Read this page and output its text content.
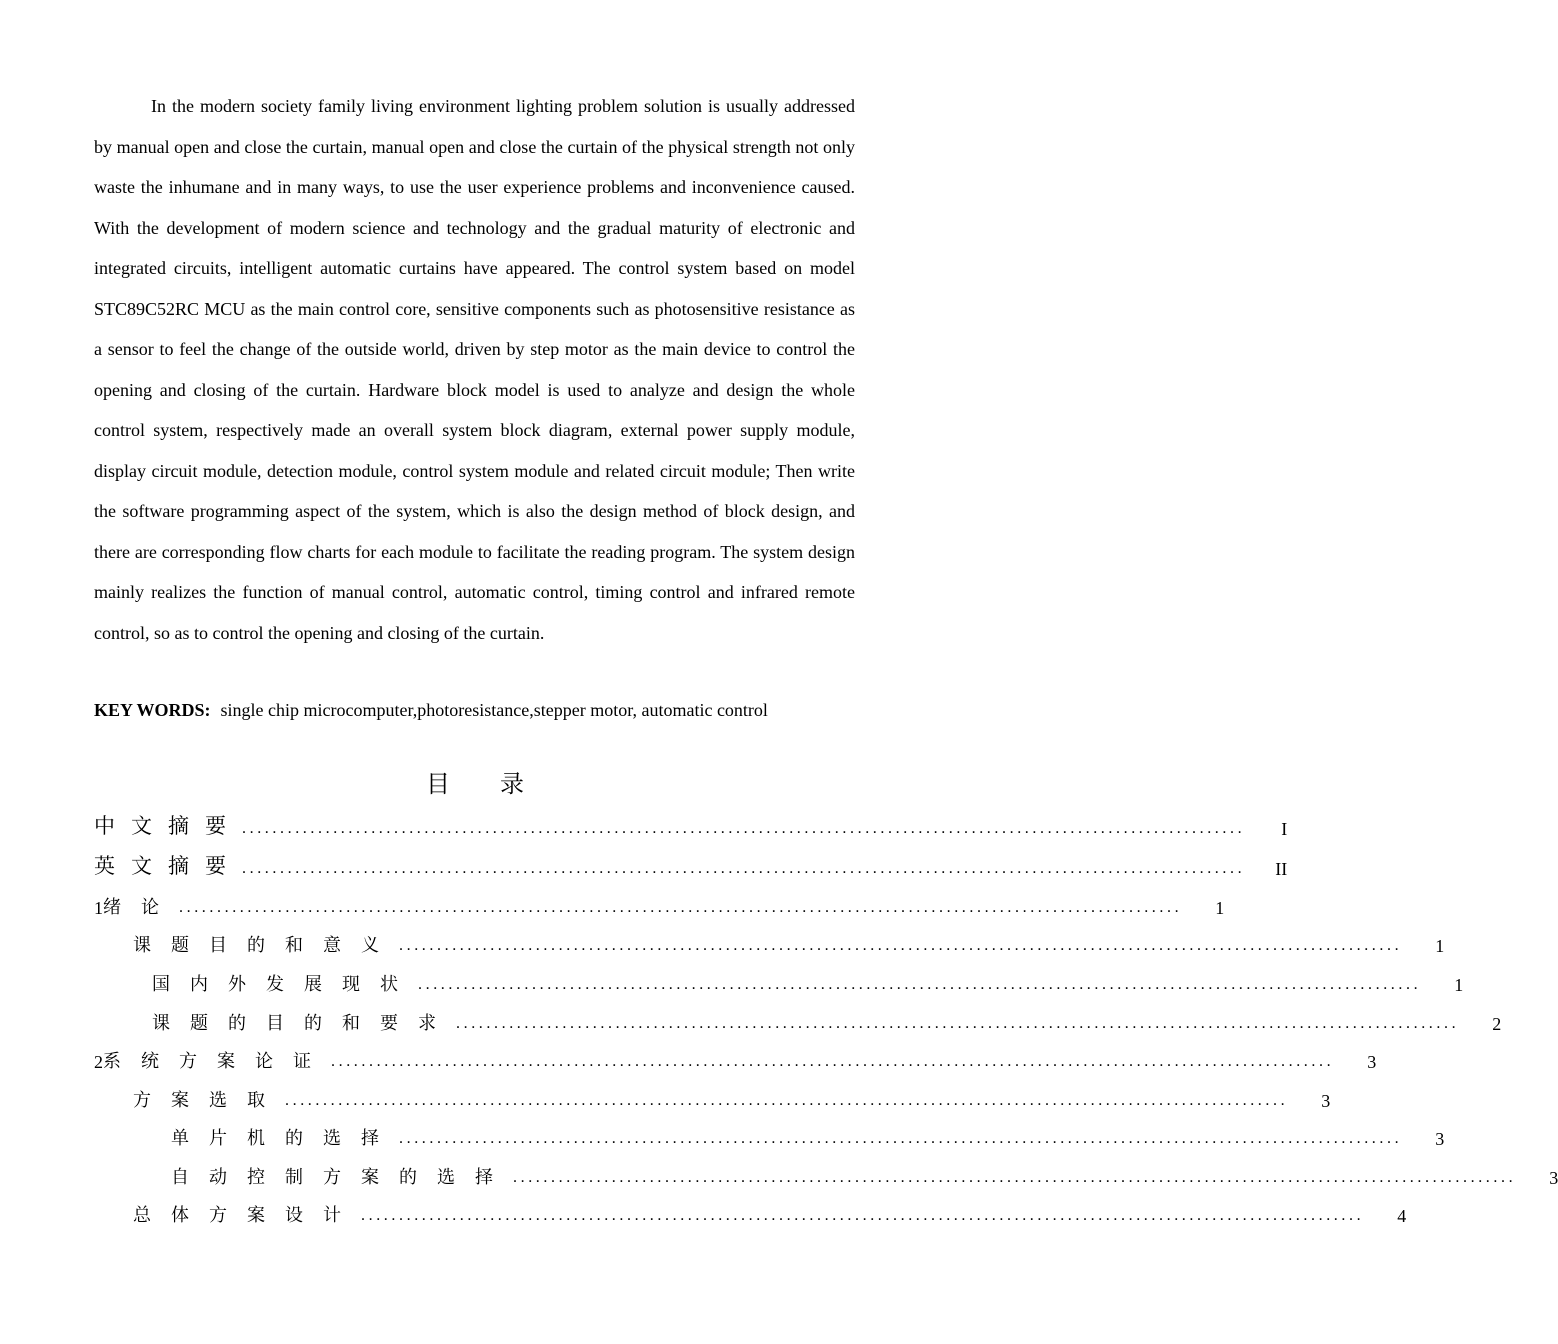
In the modern society family living environment lighting problem solution is usually addressed by manual open and close the curtain, manual open and close the curtain of the physical strength not only waste the inhumane and in many ways, to use the user experience problems and inconvenience caused. With the development of modern science and technology and the gradual maturity of electronic and integrated circuits, intelligent automatic curtains have appeared. The control system based on model STC89C52RC MCU as the main control core, sensitive components such as photosensitive resistance as a sensor to feel the change of the outside world, driven by step motor as the main device to control the opening and closing of the curtain. Hardware block model is used to analyze and design the whole control system, respectively made an overall system block diagram, external power supply module, display circuit module, detection module, control system module and related circuit module; Then write the software programming aspect of the system, which is also the design method of block design, and there are corresponding flow charts for each module to facilitate the reading program. The system design mainly realizes the function of manual control, automatic control, timing control and infrared remote control, so as to control the opening and closing of the curtain.

KEY WORDS: single chip microcomputer,photoresistance,stepper motor, automatic control
目录
中文摘要 ....................................................................................................................................	I
英文摘要 ....................................................................................................................................	II
1 绪论 ....................................................................................................................................	1
课题目的和意义 ....................................................................................................................................	1
国内外发展现状 ....................................................................................................................................	1
课题的目的和要求 ....................................................................................................................................	2
2 系统方案论证 ....................................................................................................................................	3
方案选取 ....................................................................................................................................	3
单片机的选择 ....................................................................................................................................	3
自动控制方案的选择 ....................................................................................................................................	3
总体方案设计 ....................................................................................................................................	4
